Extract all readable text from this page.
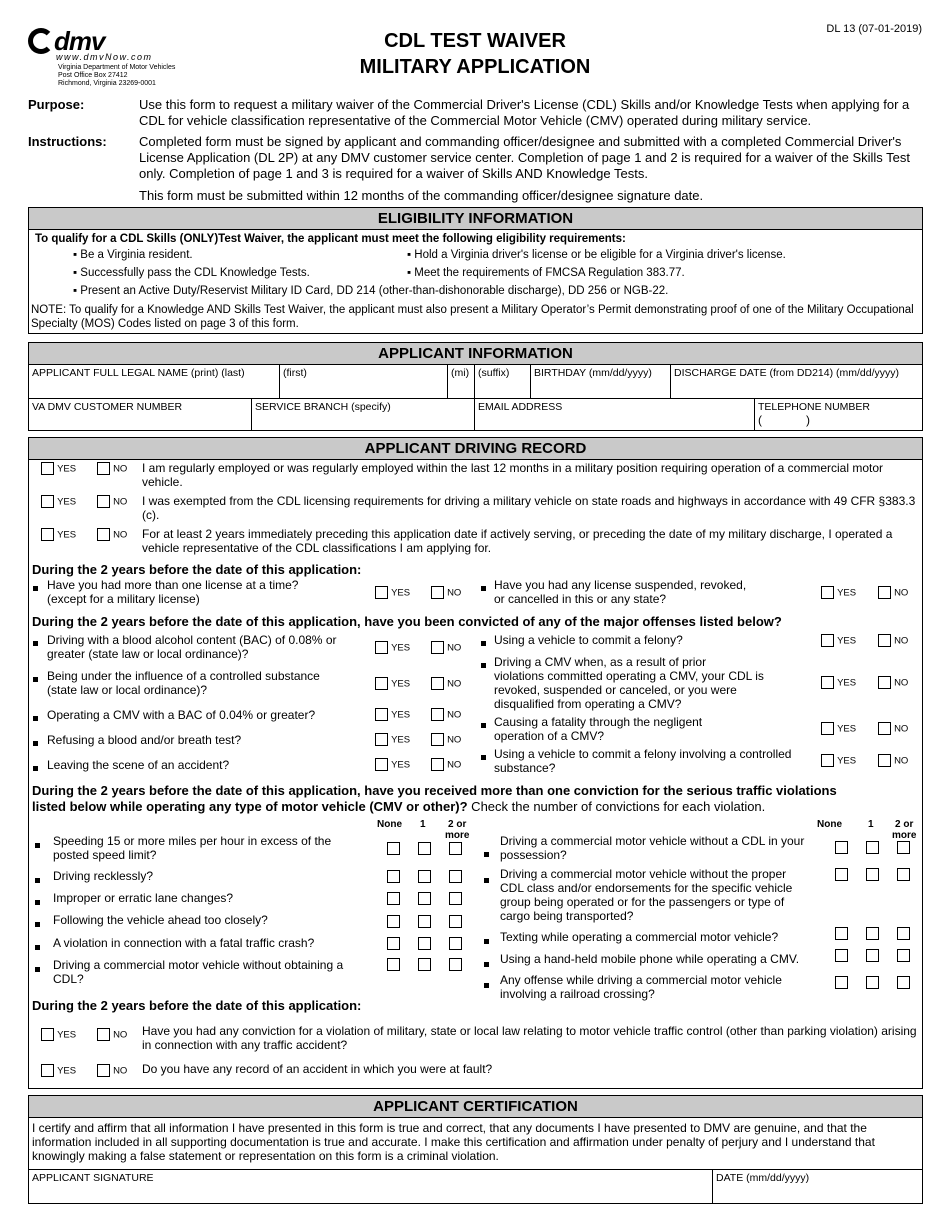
dmv
www.dmvNow.com
Virginia Department of Motor Vehicles
Post Office Box 27412
Richmond, Virginia 23269-0001
CDL TEST WAIVER
MILITARY APPLICATION
DL 13 (07-01-2019)
Purpose:	Use this form to request a military waiver of the Commercial Driver's License (CDL) Skills and/or Knowledge Tests when applying for a CDL for vehicle classification representative of the Commercial Motor Vehicle (CMV) operated during military service.
Instructions: Completed form must be signed by applicant and commanding officer/designee and submitted with a completed Commercial Driver's License Application (DL 2P) at any DMV customer service center. Completion of page 1 and 2 is required for a waiver of the Skills Test only. Completion of page 1 and 3 is required for a waiver of Skills AND Knowledge Tests.
This form must be submitted within 12 months of the commanding officer/designee signature date.
ELIGIBILITY INFORMATION
To qualify for a CDL Skills (ONLY)Test Waiver, the applicant must meet the following eligibility requirements:
▪ Be a Virginia resident.	▪ Hold a Virginia driver's license or be eligible for a Virginia driver's license.
▪ Successfully pass the CDL Knowledge Tests.	▪ Meet the requirements of FMCSA Regulation 383.77.
▪ Present an Active Duty/Reservist Military ID Card, DD 214 (other-than-dishonorable discharge), DD 256 or NGB-22.
NOTE: To qualify for a Knowledge AND Skills Test Waiver, the applicant must also present a Military Operator’s Permit demonstrating proof of one of the Military Occupational Specialty (MOS) Codes listed on page 3 of this form.
APPLICANT INFORMATION
APPLICANT FULL LEGAL NAME (print) (last)	(first)	(mi) (suffix)	BIRTHDAY (mm/dd/yyyy)	DISCHARGE DATE (from DD214) (mm/dd/yyyy)
VA DMV CUSTOMER NUMBER	SERVICE BRANCH (specify)	EMAIL ADDRESS	TELEPHONE NUMBER
(	)
APPLICANT DRIVING RECORD
YES	NO I am regularly employed or was regularly employed within the last 12 months in a military position requiring operation of a commercial motor vehicle.
YES	NO I was exempted from the CDL licensing requirements for driving a military vehicle on state roads and highways in accordance with 49 CFR §383.3 (c).
YES	NO For at least 2 years immediately preceding this application date if actively serving, or preceding the date of my military discharge, I operated a vehicle representative of the CDL classifications I am applying for.
During the 2 years before the date of this application:
Have you had more than one license at a time?
(except for a military license)	YES	NO
Have you had any license suspended, revoked,
or cancelled in this or any state?	YES	NO
During the 2 years before the date of this application, have you been convicted of any of the major offenses listed below?
Driving with a blood alcohol content (BAC) of 0.08% or
greater (state law or local ordinance)?	YES	NO
Being under the influence of a controlled substance
(state law or local ordinance)?	YES	NO
Operating a CMV with a BAC of 0.04% or greater?	YES	NO
Refusing a blood and/or breath test?	YES	NO
Leaving the scene of an accident?	YES	NO
Using a vehicle to commit a felony?	YES	NO
Driving a CMV when, as a result of prior
violations committed operating a CMV, your CDL is
revoked, suspended or canceled, or you were
disqualified from operating a CMV?
YES	NO
Causing a fatality through the negligent
operation of a CMV?
YES	NO
Using a vehicle to commit a felony involving a controlled
substance?
YES	NO
During the 2 years before the date of this application, have you received more than one conviction for the serious traffic violations
listed below while operating any type of motor vehicle (CMV or other)? Check the number of convictions for each violation.
None 1	2 or
more
None	1	2 or
more
Speeding 15 or more miles per hour in excess of the
posted speed limit?
Driving recklessly?
Improper or erratic lane changes?
Following the vehicle ahead too closely?
A violation in connection with a fatal traffic crash?
Driving a commercial motor vehicle without obtaining a
CDL?
Driving a commercial motor vehicle without a CDL in your
possession?
Driving a commercial motor vehicle without the proper
CDL class and/or endorsements for the specific vehicle
group being operated or for the passengers or type of
cargo being transported?
Texting while operating a commercial motor vehicle?
Using a hand-held mobile phone while operating a CMV.
Any offense while driving a commercial motor vehicle
involving a railroad crossing?
During the 2 years before the date of this application:
YES	NO Have you had any conviction for a violation of military, state or local law relating to motor vehicle traffic control (other than parking violation) arising in connection with any traffic accident?
YES	NO Do you have any record of an accident in which you were at fault?
APPLICANT CERTIFICATION
I certify and affirm that all information I have presented in this form is true and correct, that any documents I have presented to DMV are genuine, and that the information included in all supporting documentation is true and accurate. I make this certification and affirmation under penalty of perjury and I understand that knowingly making a false statement or representation on this form is a criminal violation.
APPLICANT SIGNATURE	DATE (mm/dd/yyyy)
